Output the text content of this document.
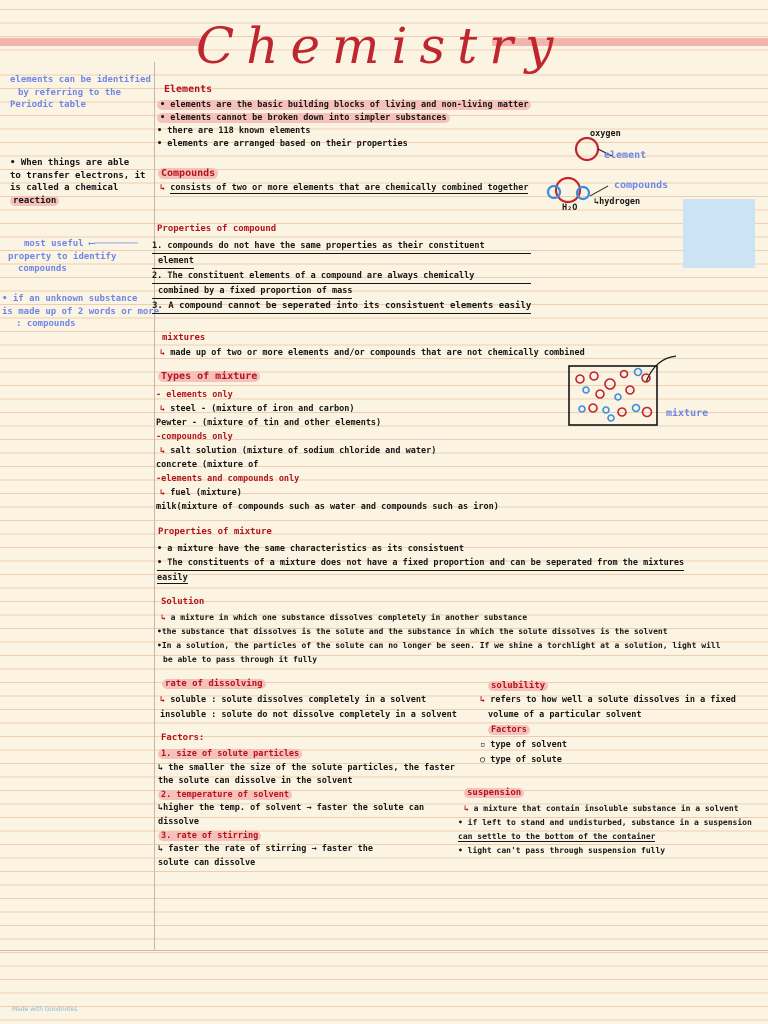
Chemistry
elements can be identified
by referring to the
Periodic table
• When things are able
to transfer electrons, it
is called a chemical
reaction
most useful ⟵────────
property to identify
compounds
• if an unknown substance
is made up of 2 words or more
: compounds
Elements
• elements are the basic building blocks of living and non-living matter
• elements cannot be broken down into simpler substances
• there are 118 known elements
• elements are arranged based on their properties
Compounds
↳ consists of two or more elements that are chemically combined together
oxygen
element
compounds
↳hydrogen
H₂O
Properties of compound
1. compounds do not have the same properties as their constituent
element
2. The constituent elements of a compound are always chemically
combined by a fixed proportion of mass
3. A compound cannot be seperated into its consistuent elements easily
mixtures
↳ made up of two or more elements and/or compounds that are not chemically combined
mixture
Types of mixture
- elements only
↳ steel - (mixture of iron and carbon)
Pewter - (mixture of tin and other elements)
-compounds only
↳ salt solution (mixture of sodium chloride and water)
concrete (mixture of
-elements and compounds only
↳ fuel (mixture)
milk(mixture of compounds such as water and compounds such as iron)
Properties of mixture
• a mixture have the same characteristics as its consistuent
• The constituents of a mixture does not have a fixed proportion and can be seperated from the mixtures
easily
Solution
↳ a mixture in which one substance dissolves completely in another substance
•the substance that dissolves is the solute and the substance in which the solute dissolves is the solvent
•In a solution, the particles of the solute can no longer be seen. If we shine a torchlight at a solution, light will
be able to pass through it fully
rate of dissolving
↳ soluble : solute dissolves completely in a solvent
insoluble : solute do not dissolve completely in a solvent
Factors:
1. size of solute particles
↳ the smaller the size of the solute particles, the faster
the solute can dissolve in the solvent
2. temperature of solvent
↳higher the temp. of solvent → faster the solute can
dissolve
3. rate of stirring
↳ faster the rate of stirring → faster the
solute can dissolve
solubility
↳ refers to how well a solute dissolves in a fixed
volume of a particular solvent
Factors
▫ type of solvent
○ type of solute
suspension
↳ a mixture that contain insoluble substance in a solvent
• if left to stand and undisturbed, substance in a suspension
can settle to the bottom of the container
• light can't pass through suspension fully
Made with Goodnotes
